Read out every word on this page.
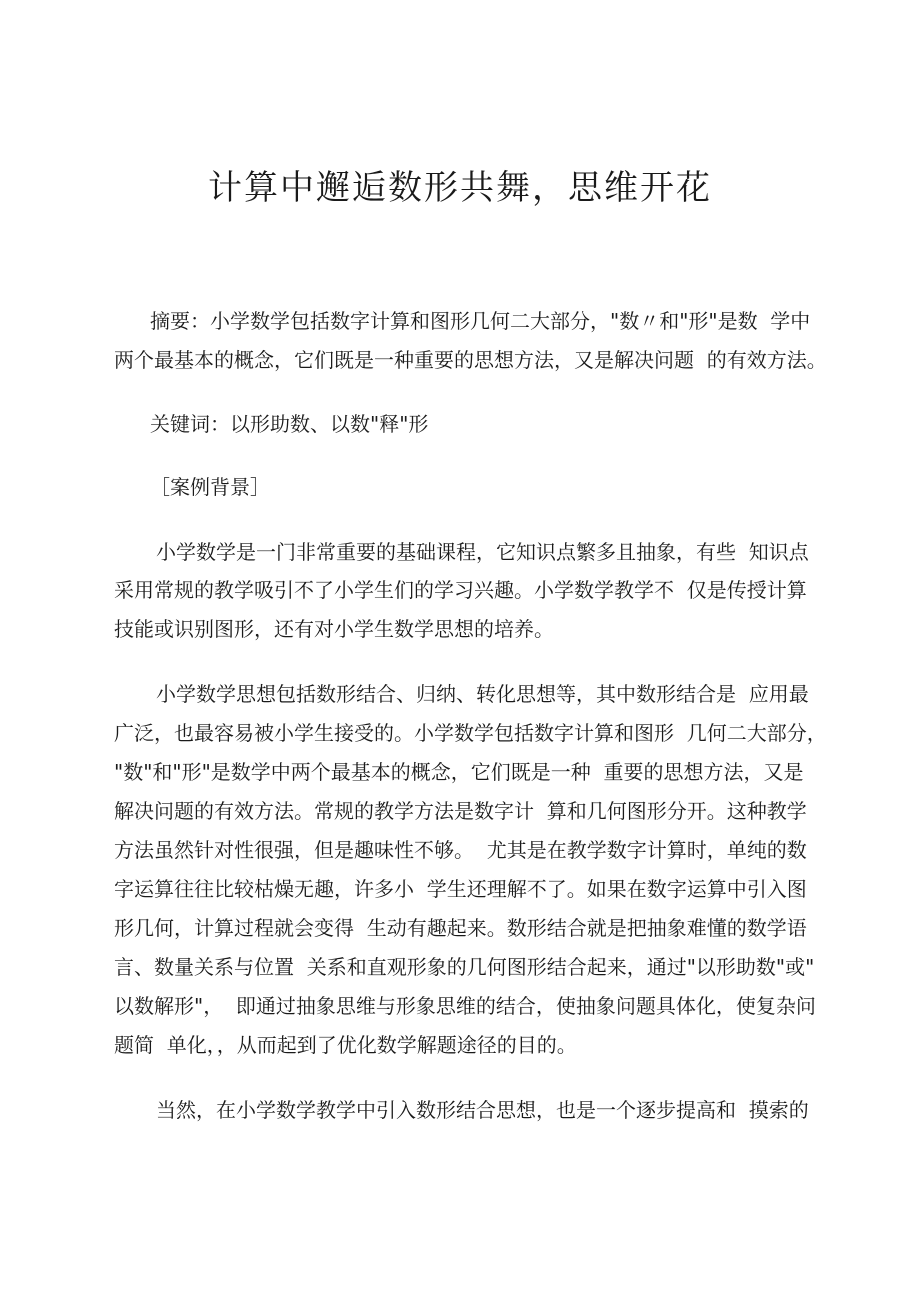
计算中邂逅数形共舞，思维开花

摘要：小学数学包括数字计算和图形几何二大部分，"数〃和"形"是数  学中

两个最基本的概念，它们既是一种重要的思想方法，又是解决问题  的有效方法。

关键词：以形助数、以数"释"形

［案例背景］

小学数学是一门非常重要的基础课程，它知识点繁多且抽象，有些  知识点

采用常规的教学吸引不了小学生们的学习兴趣。小学数学教学不  仅是传授计算

技能或识别图形，还有对小学生数学思想的培养。

小学数学思想包括数形结合、归纳、转化思想等，其中数形结合是  应用最

广泛，也最容易被小学生接受的。小学数学包括数字计算和图形  几何二大部分，

"数"和"形"是数学中两个最基本的概念，它们既是一种  重要的思想方法，又是

解决问题的有效方法。常规的教学方法是数字计  算和几何图形分开。这种教学

方法虽然针对性很强，但是趣味性不够。  尤其是在教学数字计算时，单纯的数

字运算往往比较枯燥无趣，许多小  学生还理解不了。如果在数字运算中引入图

形几何，计算过程就会变得  生动有趣起来。数形结合就是把抽象难懂的数学语

言、数量关系与位置  关系和直观形象的几何图形结合起来，通过"以形助数"或"

以数解形"，  即通过抽象思维与形象思维的结合，使抽象问题具体化，使复杂问

题简  单化，，从而起到了优化数学解题途径的目的。

当然，在小学数学教学中引入数形结合思想，也是一个逐步提高和  摸索的
